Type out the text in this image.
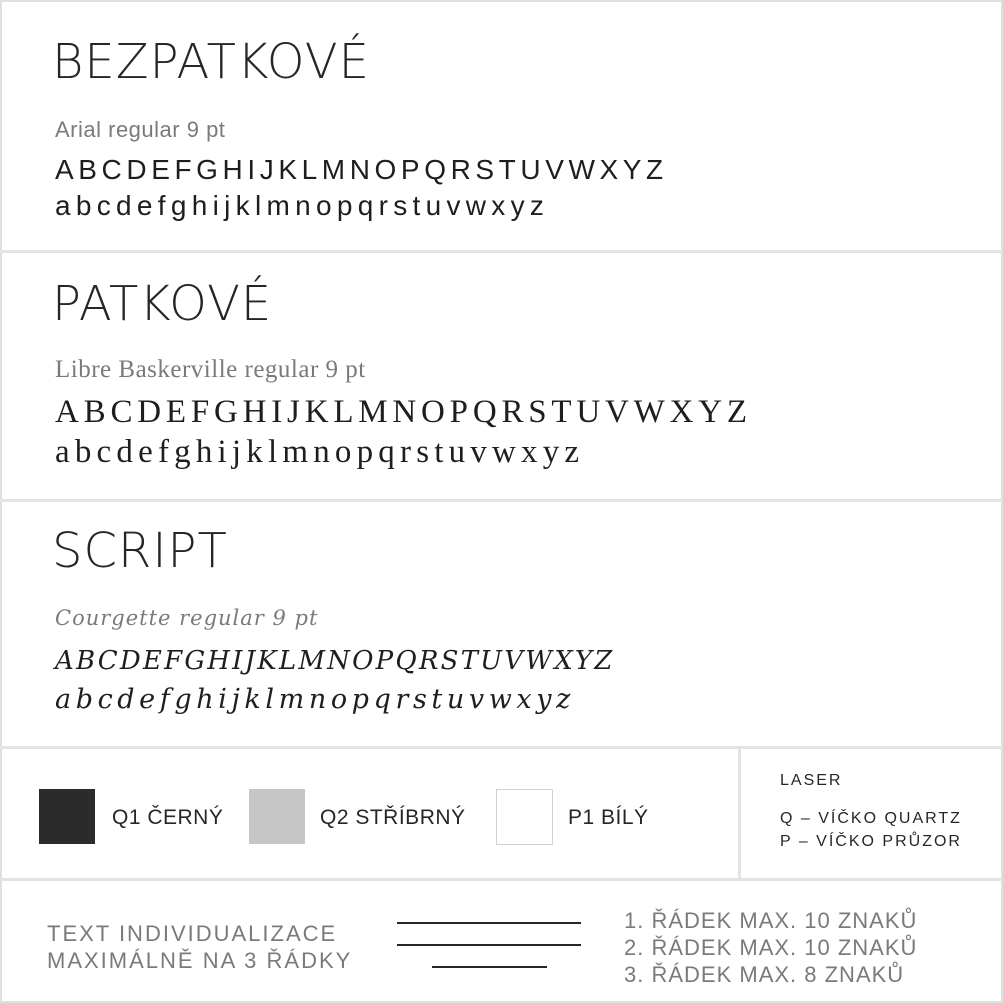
BEZPATKOVÉ
Arial regular 9 pt
ABCDEFGHIJKLMNOPQRSTUVWXYZ
abcdefghijklmnopqrstuvwxyz
PATKOVÉ
Libre Baskerville regular 9 pt
ABCDEFGHIJKLMNOPQRSTUVWXYZ
abcdefghijklmnopqrstuvwxyz
SCRIPT
Courgette regular 9 pt
ABCDEFGHIJKLMNOPQRSTUVWXYZ
abcdefghijklmnopqrstuvwxyz
Q1 ČERNÝ	Q2 STŘÍBRNÝ	P1 BÍLÝ
LASER
Q – VÍČKO QUARTZ
P – VÍČKO PRŮZOR
TEXT INDIVIDUALIZACE
MAXIMÁLNĚ NA 3 ŘÁDKY
1. ŘÁDEK MAX. 10 ZNAKŮ
2. ŘÁDEK MAX. 10 ZNAKŮ
3. ŘÁDEK MAX. 8 ZNAKŮ
